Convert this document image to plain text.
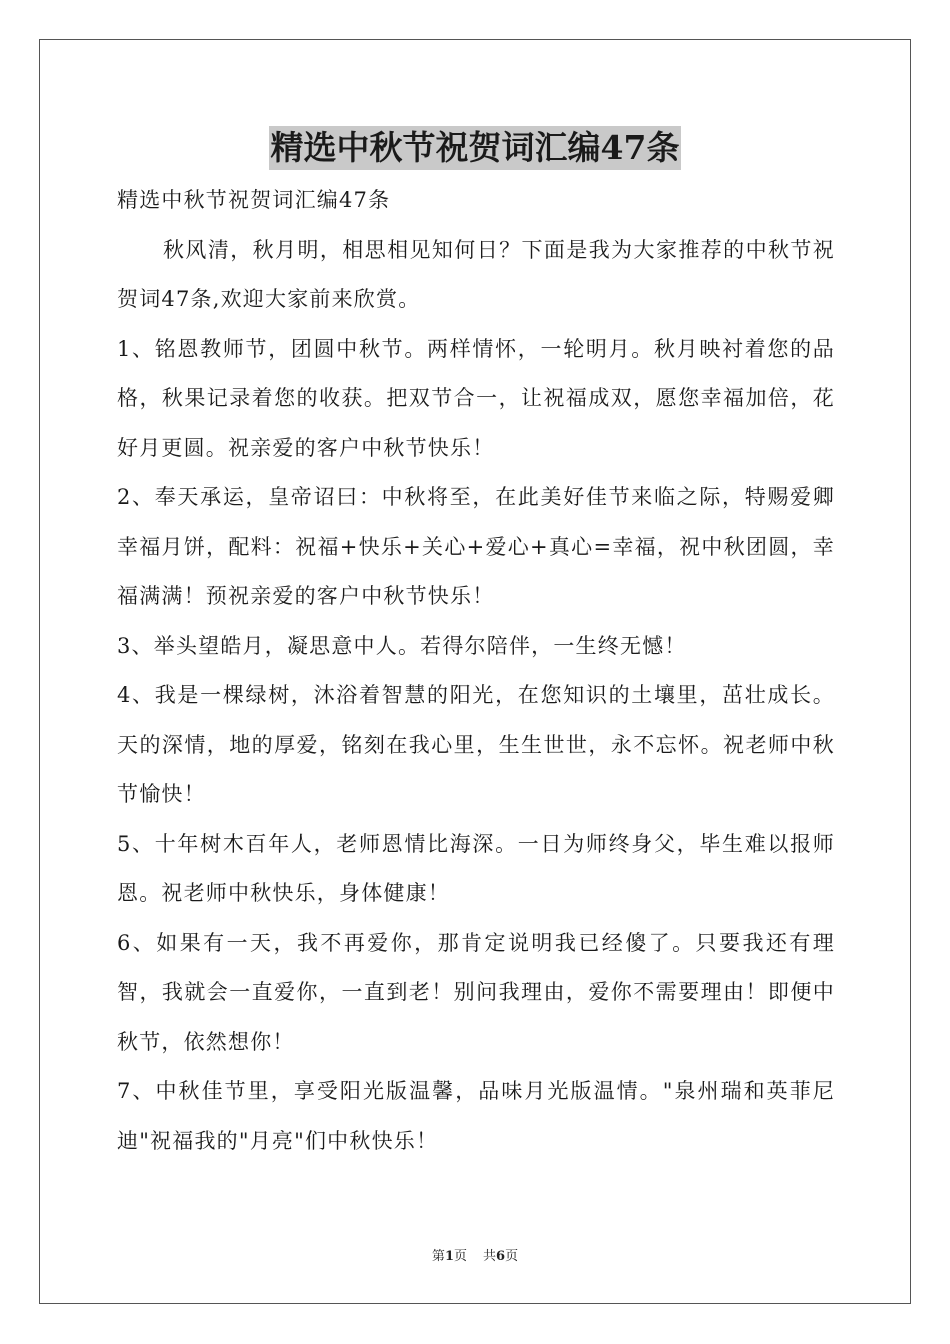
精选中秋节祝贺词汇编47条

精选中秋节祝贺词汇编47条

秋风清，秋月明，相思相见知何日？下面是我为大家推荐的中秋节祝贺词47条,欢迎大家前来欣赏。

1、铭恩教师节，团圆中秋节。两样情怀，一轮明月。秋月映衬着您的品格，秋果记录着您的收获。把双节合一，让祝福成双，愿您幸福加倍，花好月更圆。祝亲爱的客户中秋节快乐！

2、奉天承运，皇帝诏曰：中秋将至，在此美好佳节来临之际，特赐爱卿幸福月饼，配料：祝福+快乐+关心+爱心+真心=幸福，祝中秋团圆，幸福满满！预祝亲爱的客户中秋节快乐！

3、举头望皓月，凝思意中人。若得尔陪伴，一生终无憾！

4、我是一棵绿树，沐浴着智慧的阳光，在您知识的土壤里，茁壮成长。天的深情，地的厚爱，铭刻在我心里，生生世世，永不忘怀。祝老师中秋节愉快！

5、十年树木百年人，老师恩情比海深。一日为师终身父，毕生难以报师恩。祝老师中秋快乐，身体健康！

6、如果有一天，我不再爱你，那肯定说明我已经傻了。只要我还有理智，我就会一直爱你，一直到老！别问我理由，爱你不需要理由！即便中秋节，依然想你！

7、中秋佳节里，享受阳光版温馨，品味月光版温情。"泉州瑞和英菲尼迪"祝福我的"月亮"们中秋快乐！

第1页 共6页
